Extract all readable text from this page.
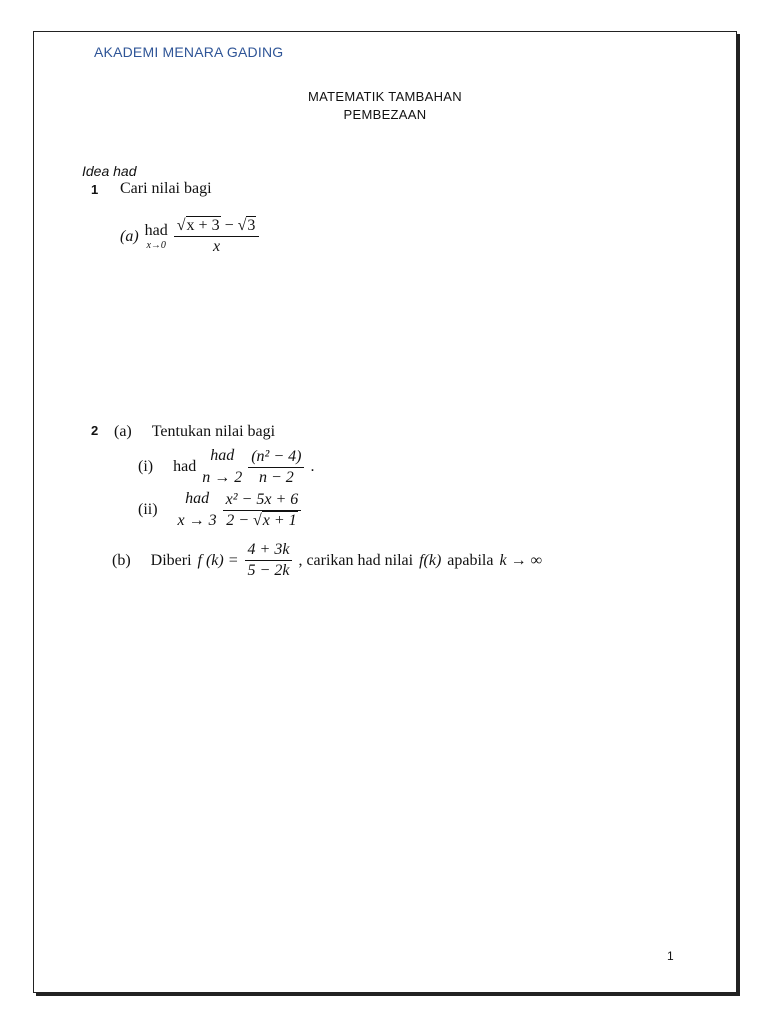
AKADEMI MENARA GADING
MATEMATIK TAMBAHAN
PEMBEZAAN
Idea had
1 Cari nilai bagi
(a) had
$x\to 0 \frac{√x + 3 - √3}{x}$
2 (a) Tentukan nilai bagi
(i) had
had
$n \to 2 \frac{\text{(n² − 4)}}{n - 2}$ .
(ii)
had
$x \to 3 \frac{\text{x² − 5x + 6}}{2 - √x + 1}$
(b) Diberi f $(k) = \frac{4 + 3k}{5 - 2k}$ , carikan had nilai f(k) apabila k → ∞
1
